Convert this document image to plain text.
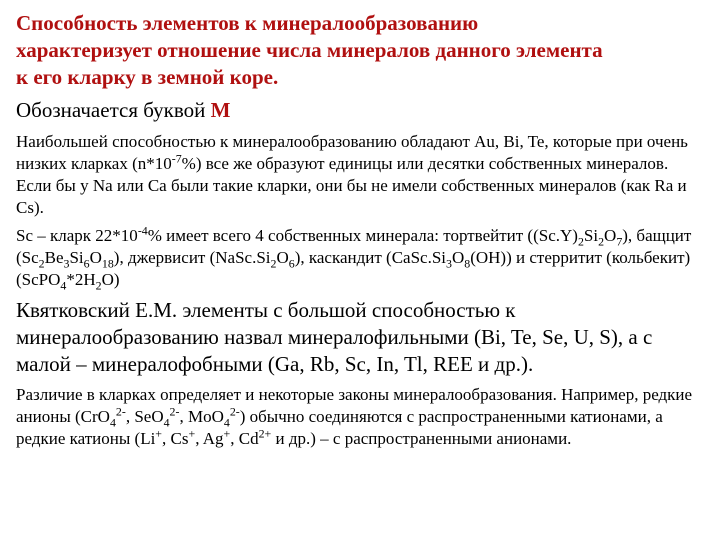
Способность элементов к минералообразованию
характеризует отношение числа минералов данного элемента
к его кларку в земной коре.

Обозначается буквой М

Наибольшей способностью к минералообразованию обладают Au, Bi, Te, которые при очень низких кларках $(n*10^{-7}\%)$ все же образуют единицы или десятки собственных минералов. Если бы у Na или Ca были такие кларки, они бы не имели собственных минералов (как Ra и Cs).

Sc – кларк $22*10^{-4}\%$ имеет всего 4 собственных минерала: тортвейтит $((Sc.Y)_2Si_2O_7)$, бащцит $(Sc_2Be_3Si_6O_{18})$, джервисит $(NaSc.Si_2O_6)$, каскандит $(CaSc.Si_3O_8(OH))$ и стерритит (кольбекит) $(ScPO_4*2H_2O)$

Квятковский Е.М. элементы с большой способностью к минералообразованию назвал минералофильными (Bi, Te, Se, U, S), а с малой – минералофобными (Ga, Rb, Sc, In, Tl, REE и др.).

Различие в кларках определяет и некоторые законы минералообразования. Например, редкие анионы (CrO$_4^{2-}$, SeO$_4^{2-}$, MoO$_4^{2-}$) обычно соединяются с распространенными катионами, а редкие катионы (Li+, Cs+, Ag+, $Cd^{2+}$ и др.) – с распространенными анионами.
